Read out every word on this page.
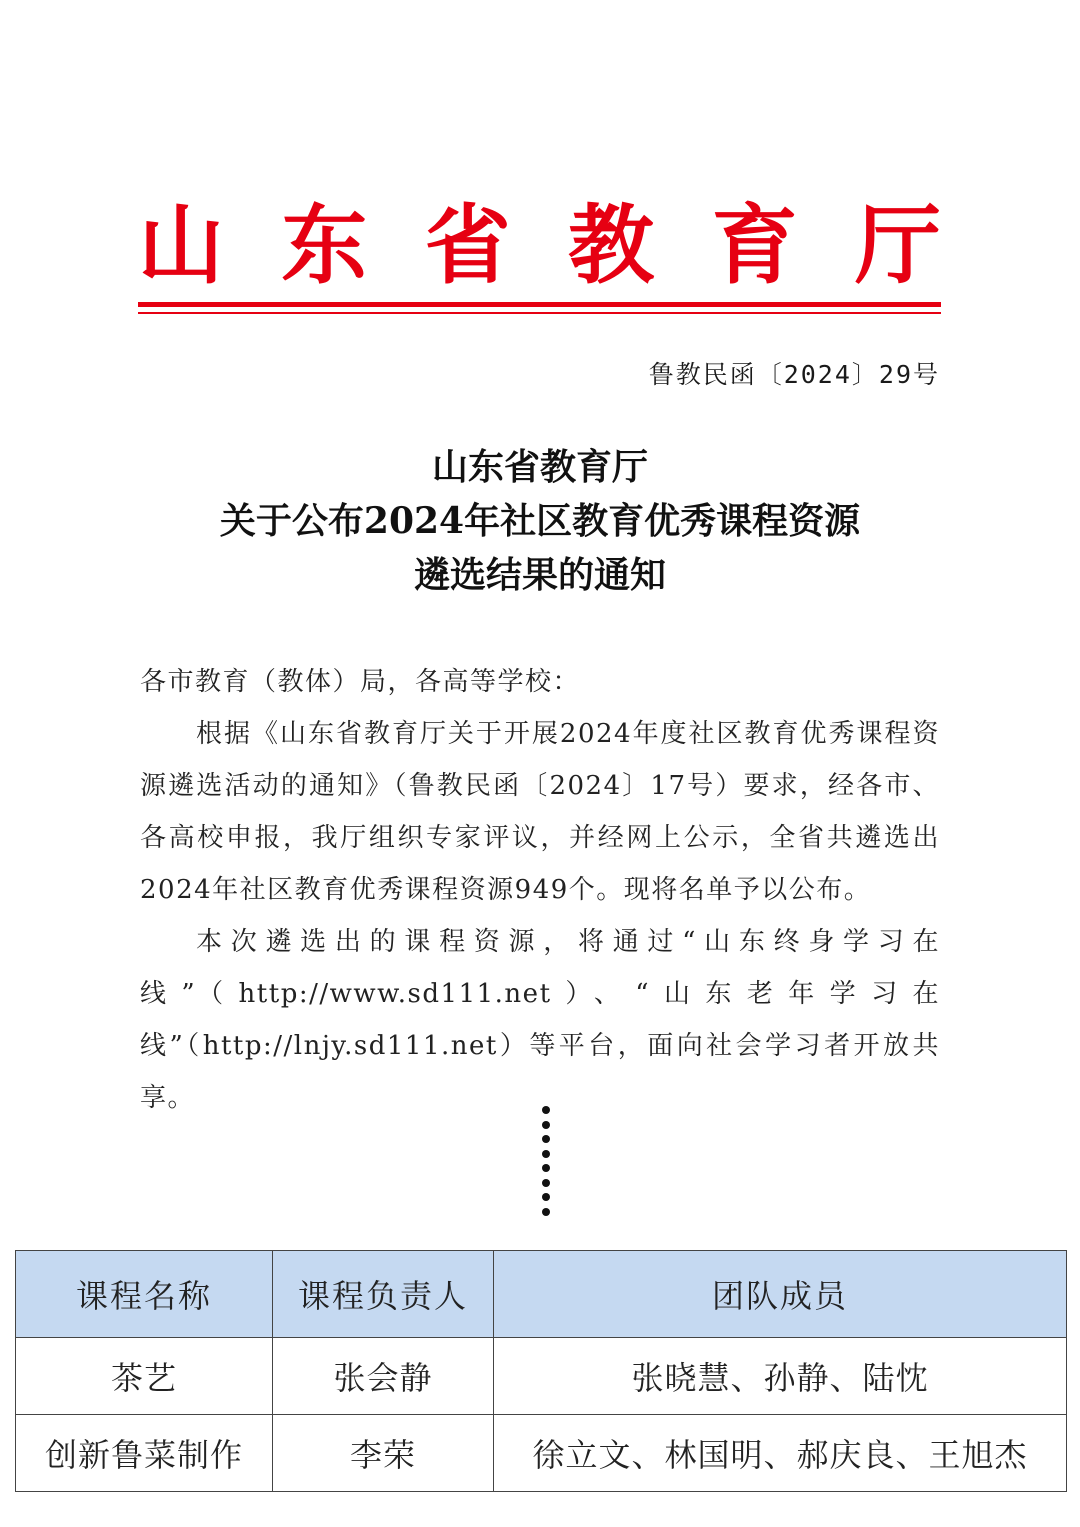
山 东 省 教 育 厅
鲁教民函〔2024〕29号
山东省教育厅
关于公布2024年社区教育优秀课程资源
遴选结果的通知

各市教育（教体）局，各高等学校：

根据《山东省教育厅关于开展2024年度社区教育优秀课程资源遴选活动的通知》（鲁教民函〔2024〕17号）要求，经各市、各高校申报，我厅组织专家评议，并经网上公示，全省共遴选出2024年社区教育优秀课程资源949个。现将名单予以公布。

本次遴选出的课程资源，将通过“山东终身学习在线”（http://www.sd111.net）、“山东老年学习在线”（http://lnjy.sd111.net）等平台，面向社会学习者开放共享。

课程名称	课程负责人	团队成员
茶艺	张会静	张晓慧、孙静、陆忱
创新鲁菜制作	李荣	徐立文、林国明、郝庆良、王旭杰
